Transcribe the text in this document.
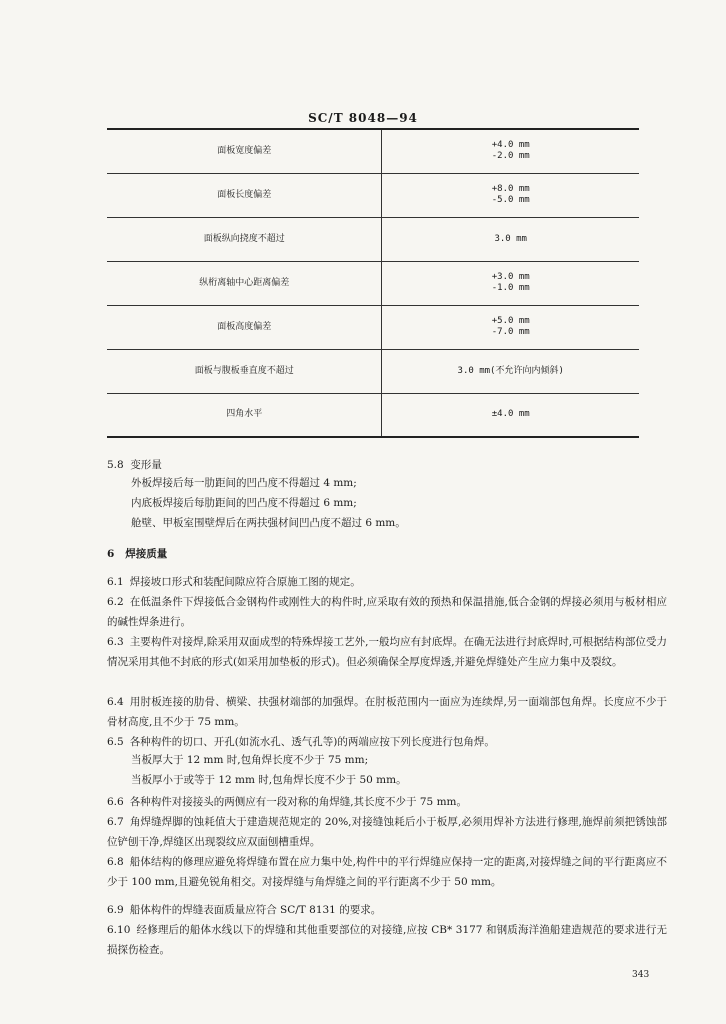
SC/T 8048—94
面板宽度偏差	+4.0 mm
-2.0 mm

面板长度偏差	+8.0 mm
-5.0 mm

面板纵向挠度不超过	3.0 mm

纵桁离轴中心距离偏差	+3.0 mm
-1.0 mm

面板高度偏差	+5.0 mm
-7.0 mm

面板与腹板垂直度不超过	3.0 mm(不允许向内倾斜)

四角水平	±4.0 mm
5.8 变形量
外板焊接后每一肋距间的凹凸度不得超过 4 mm;
内底板焊接后每肋距间的凹凸度不得超过 6 mm;
舱壁、甲板室围壁焊后在两扶强材间凹凸度不超过 6 mm。
6 焊接质量
6.1 焊接坡口形式和装配间隙应符合原施工图的规定。
6.2 在低温条件下焊接低合金钢构件或刚性大的构件时,应采取有效的预热和保温措施,低合金钢的焊接必须用与板材相应的碱性焊条进行。
6.3 主要构件对接焊,除采用双面成型的特殊焊接工艺外,一般均应有封底焊。在确无法进行封底焊时,可根据结构部位受力情况采用其他不封底的形式(如采用加垫板的形式)。但必须确保全厚度焊透,并避免焊缝处产生应力集中及裂纹。
6.4 用肘板连接的肋骨、横梁、扶强材端部的加强焊。在肘板范围内一面应为连续焊,另一面端部包角焊。长度应不少于骨材高度,且不少于 75 mm。
6.5 各种构件的切口、开孔(如流水孔、透气孔等)的两端应按下列长度进行包角焊。
当板厚大于 12 mm 时,包角焊长度不少于 75 mm;
当板厚小于或等于 12 mm 时,包角焊长度不少于 50 mm。
6.6 各种构件对接接头的两侧应有一段对称的角焊缝,其长度不少于 75 mm。
6.7 角焊缝焊脚的蚀耗值大于建造规范规定的 20%,对接缝蚀耗后小于板厚,必须用焊补方法进行修理,施焊前须把锈蚀部位铲刨干净,焊缝区出现裂纹应双面刨槽重焊。
6.8 船体结构的修理应避免将焊缝布置在应力集中处,构件中的平行焊缝应保持一定的距离,对接焊缝之间的平行距离应不少于 100 mm,且避免锐角相交。对接焊缝与角焊缝之间的平行距离不少于 50 mm。
6.9 船体构件的焊缝表面质量应符合 SC/T 8131 的要求。
6.10 经修理后的船体水线以下的焊缝和其他重要部位的对接缝,应按 CB* 3177 和钢质海洋渔船建造规范的要求进行无损探伤检查。
343
